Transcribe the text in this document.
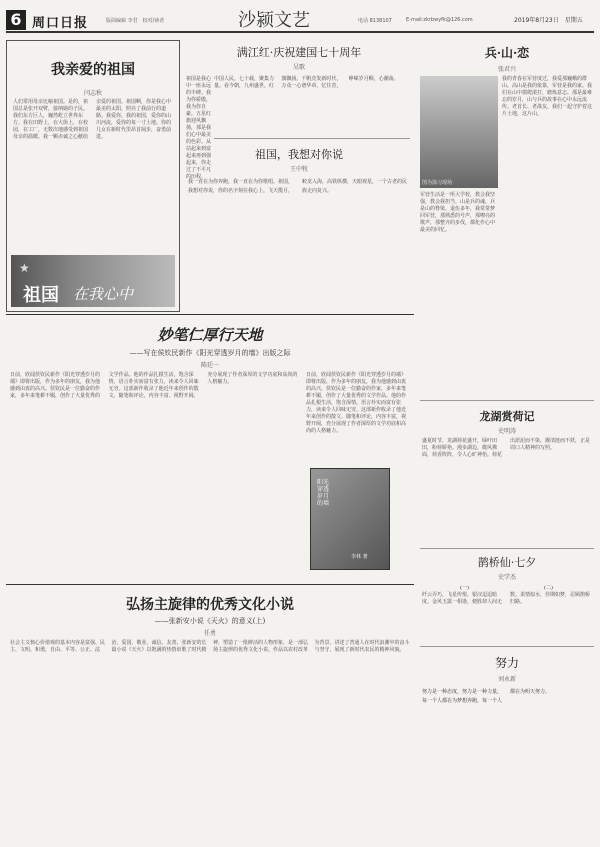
6 周口日报	版面编辑 李君　校对/读者	沙颍文艺	电话 8138107	E-mail:zkrbwyfk@126.com	2019年8月23日　星期五
我亲爱的祖国
闫志秋
人们常用母亲比喻祖国。是的，祖国总是张开双臂，接纳她的子民。我们东方巨人，巍然屹立世界东方。我在田野上，在大街上，在校园，在工厂，无数次地感受到祖国母亲的温暖。我一颗赤诚之心献给亲爱的祖国。祖国啊，你是我心中最美的太阳，照亮了我前行的道路。我爱你，我的祖国，爱你的山川河流，爱你的每一寸土地。你的儿女在新时代里昂首阔步，奋勇前进。
★
祖国 在我心中
满江红·庆祝建国七十周年
吴歌
中国人民，七十载，聚集力量。看今朝，九州盛世，红旗飘扬。千帆竞发新时代，万众一心谱华章。忆往昔，峥嵘岁月稠，心潮荡。
祖国是我心中一座永远的丰碑。我为你骄傲，我为你自豪。五星红旗迎风飘扬，那是我们心中最美的色彩。从站起来到富起来再到强起来，你走过了不平凡的历程。
祖国，我想对你说
王中牧
我一直在为你奔跑，我一直在为你歌唱。祖国，我想对你说，你的名字刻在我心上。飞天揽月，蛟龙入海，高铁纵横，天眼观星，一个古老的民族走向复兴。
兵·山·恋
张君兴
图为演习现场
我的青春在军营度过，我爱那巍峨的群山。高山是我的依靠，军营是我的家。我们在山中摸爬滚打，磨炼意志。那是最难忘的岁月，山与兵的故事在心中永远流传。老首长、老战友，我们一起守护着这片土地，这片山。
军营生活是一所大学校，教会我坚强，教会我担当。山是兵的魂，兵是山的脊梁。退伍多年，我常常梦回军营，那熟悉的号声，那嘹亮的歌声，那整齐的步伐，都化作心中最美的回忆。
龙湖赏荷记
史明涛
盛夏时节，龙湖荷花盛开，绿叶田田，粉荷娇艳。漫步湖边，微风拂面，荷香阵阵，令人心旷神怡。荷花出淤泥而不染，濯清涟而不妖，正是周口人精神的写照。
鹊桥仙·七夕
史学杰
(一)	(二)
纤云弄巧，飞星传恨，银汉迢迢暗度。金风玉露一相逢，便胜却人间无数。柔情似水，佳期如梦，忍顾鹊桥归路。
努力
刘永新
努力是一种态度，努力是一种力量，每一个人都在为梦想奔跑，每一个人都在为明天努力。
妙笔仁厚行天地
——写在侯钦民新作《阳光穿透岁月的墙》出版之际
陈廷一
日前，欣闻侯钦民新作《阳光穿透岁月的墙》即将出版，作为多年的朋友，我为他感到由衷的高兴。侯钦民是一位勤奋的作家，多年来笔耕不辍，创作了大量优秀的文学作品。他的作品扎根生活，饱含深情，语言朴实而富有张力，读来令人回味无穷。这部新作收录了他近年来创作的散文、随笔和评论，内容丰富，视野开阔，充分展现了作者深厚的文学功底和高尚的人格魅力。
阳光穿透岁月的墙
李林 著
日前，欣闻侯钦民新作《阳光穿透岁月的墙》即将出版，作为多年的朋友，我为他感到由衷的高兴。侯钦民是一位勤奋的作家，多年来笔耕不辍，创作了大量优秀的文学作品。他的作品扎根生活，饱含深情，语言朴实而富有张力，读来令人回味无穷。这部新作收录了他近年来创作的散文、随笔和评论，内容丰富，视野开阔，充分展现了作者深厚的文学功底和高尚的人格魅力。
弘扬主旋律的优秀文化小说
——张新安小说《天火》的意义(上)
任勇
社会主义核心价值观的基本内容是富强、民主、文明、和谐，自由、平等、公正、法治，爱国、敬业、诚信、友善。张新安的长篇小说《天火》以饱满的热情讴歌了时代精神，塑造了一批鲜活的人物形象，是一部弘扬主旋律的优秀文化小说。作品以农村改革为背景，讲述了普通人在时代浪潮中的奋斗与坚守，展现了新时代农民的精神风貌。
